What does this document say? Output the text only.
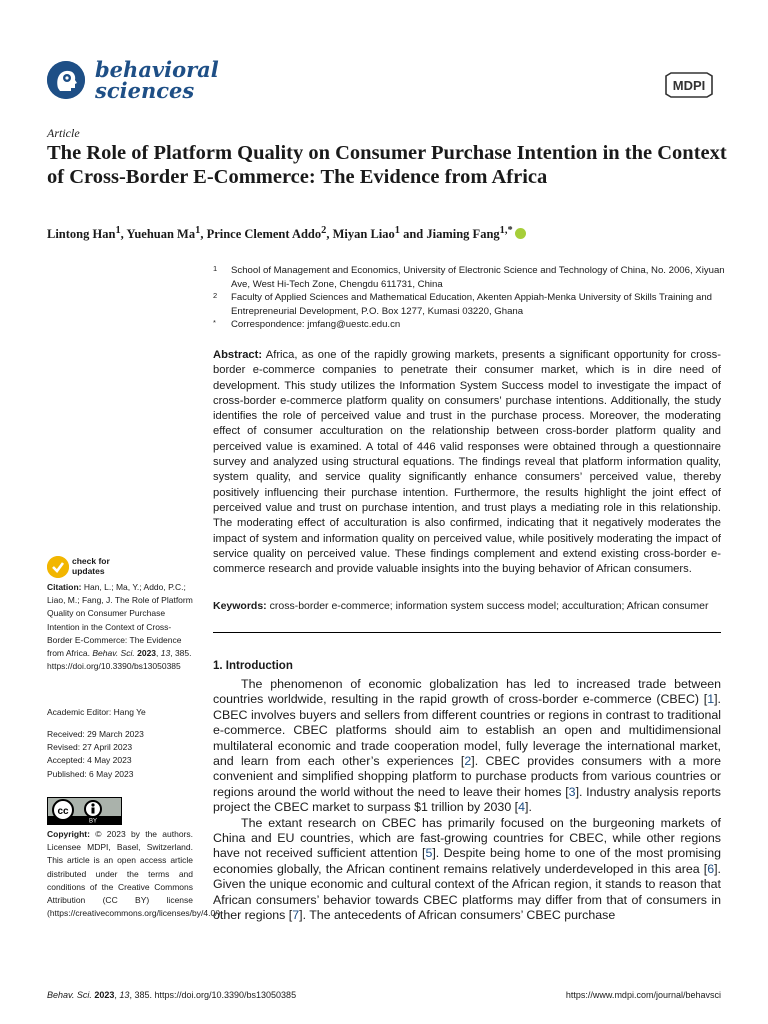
behavioral
sciences	MDPI
Article
The Role of Platform Quality on Consumer Purchase Intention in the Context of Cross-Border E-Commerce: The Evidence from Africa
Lintong Han$^1$, Yuehuan Ma$^1$, Prince Clement Addo$^2$, Miyan Liao$^1$ and Jiaming Fang$^{1,*}$
1 School of Management and Economics, University of Electronic Science and Technology of China, No. 2006, Xiyuan Ave, West Hi-Tech Zone, Chengdu 611731, China
2 Faculty of Applied Sciences and Mathematical Education, Akenten Appiah-Menka University of Skills Training and Entrepreneurial Development, P.O. Box 1277, Kumasi 03220, Ghana
* Correspondence: jmfang@uestc.edu.cn
Abstract: Africa, as one of the rapidly growing markets, presents a significant opportunity for cross-border e-commerce companies to penetrate their consumer market, which is in dire need of development. This study utilizes the Information System Success model to investigate the impact of cross-border e-commerce platform quality on consumers’ purchase intentions. Additionally, the study identifies the role of perceived value and trust in the purchase process. Moreover, the moderating effect of consumer acculturation on the relationship between cross-border platform quality and perceived value is examined. A total of 446 valid responses were obtained through a questionnaire survey and analyzed using structural equations. The findings reveal that platform information quality, system quality, and service quality significantly enhance consumers’ perceived value, thereby positively influencing their purchase intention. Furthermore, the results highlight the joint effect of perceived value and trust on purchase intention, and trust plays a mediating role in this relationship. The moderating effect of acculturation is also confirmed, indicating that it negatively moderates the impact of system and information quality on perceived value, while positively moderating the impact of service quality on perceived value. These findings complement and extend existing cross-border e-commerce research and provide valuable insights into the buying behavior of African consumers.
Keywords: cross-border e-commerce; information system success model; acculturation; African consumer
1. Introduction

The phenomenon of economic globalization has led to increased trade between countries worldwide, resulting in the rapid growth of cross-border e-commerce (CBEC) [1]. CBEC involves buyers and sellers from different countries or regions in contrast to traditional e-commerce. CBEC platforms should aim to establish an open and multidimensional multilateral economic and trade cooperation model, fully leverage the international market, and learn from each other’s experiences [2]. CBEC provides consumers with a more convenient and simplified shopping platform to purchase products from various countries or regions around the world without the need to leave their homes [3]. Industry analysis reports project the CBEC market to surpass $1 trillion by 2030 [4].

The extant research on CBEC has primarily focused on the burgeoning markets of China and EU countries, which are fast-growing countries for CBEC, while other regions have not received sufficient attention [5]. Despite being home to one of the most promising economies globally, the African continent remains relatively underdeveloped in this area [6]. Given the unique economic and cultural context of the African region, it stands to reason that African consumers’ behavior towards CBEC platforms may differ from that of consumers in other regions [7]. The antecedents of African consumers’ CBEC purchase

check for
updates
Citation: Han, L.; Ma, Y.; Addo, P.C.; Liao, M.; Fang, J. The Role of Platform Quality on Consumer Purchase Intention in the Context of Cross-Border E-Commerce: The Evidence from Africa. Behav. Sci. 2023, 13, 385. https://doi.org/10.3390/bs13050385
Academic Editor: Hang Ye
Received: 29 March 2023
Revised: 27 April 2023
Accepted: 4 May 2023
Published: 6 May 2023
cc
BY
Copyright: © 2023 by the authors. Licensee MDPI, Basel, Switzerland. This article is an open access article distributed under the terms and conditions of the Creative Commons Attribution (CC BY) license (https://creativecommons.org/licenses/by/4.0/).
Behav. Sci. 2023, 13, 385. https://doi.org/10.3390/bs13050385	https://www.mdpi.com/journal/behavsci
